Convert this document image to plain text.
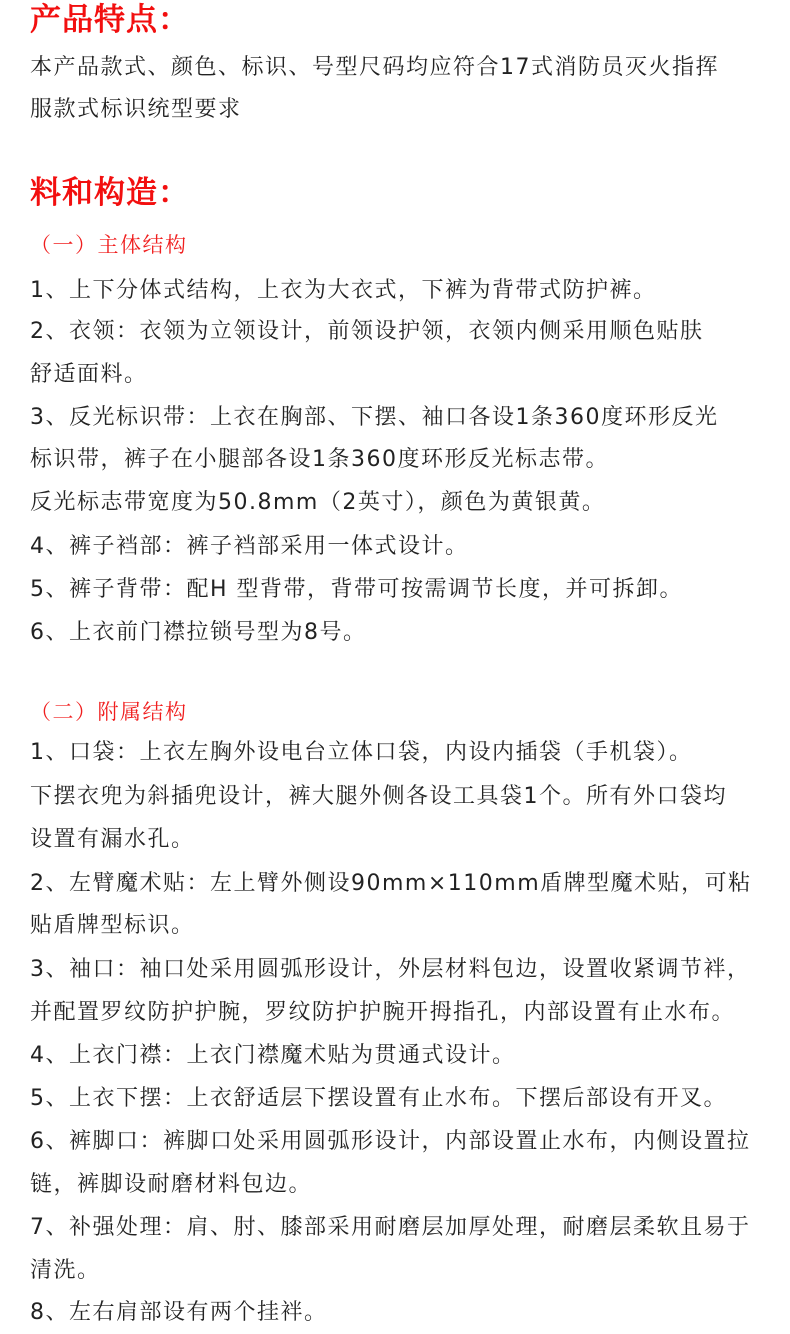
产品特点：
本产品款式、颜色、标识、号型尺码均应符合17式消防员灭火指挥
服款式标识统型要求
料和构造：
（一）主体结构
1、上下分体式结构，上衣为大衣式，下裤为背带式防护裤。
2、衣领：衣领为立领设计，前领设护领，衣领内侧采用顺色贴肤
舒适面料。
3、反光标识带：上衣在胸部、下摆、袖口各设1条360度环形反光
标识带，裤子在小腿部各设1条360度环形反光标志带。
反光标志带宽度为50.8mm（2英寸），颜色为黄银黄。
4、裤子裆部：裤子裆部采用一体式设计。
5、裤子背带：配H 型背带，背带可按需调节长度，并可拆卸。
6、上衣前门襟拉锁号型为8号。
（二）附属结构
1、口袋：上衣左胸外设电台立体口袋，内设内插袋（手机袋）。
下摆衣兜为斜插兜设计，裤大腿外侧各设工具袋1个。所有外口袋均
设置有漏水孔。
2、左臂魔术贴：左上臂外侧设90mm×110mm盾牌型魔术贴，可粘
贴盾牌型标识。
3、袖口：袖口处采用圆弧形设计，外层材料包边，设置收紧调节袢，
并配置罗纹防护护腕，罗纹防护护腕开拇指孔，内部设置有止水布。
4、上衣门襟：上衣门襟魔术贴为贯通式设计。
5、上衣下摆：上衣舒适层下摆设置有止水布。下摆后部设有开叉。
6、裤脚口：裤脚口处采用圆弧形设计，内部设置止水布，内侧设置拉
链，裤脚设耐磨材料包边。
7、补强处理：肩、肘、膝部采用耐磨层加厚处理，耐磨层柔软且易于
清洗。
8、左右肩部设有两个挂袢。
